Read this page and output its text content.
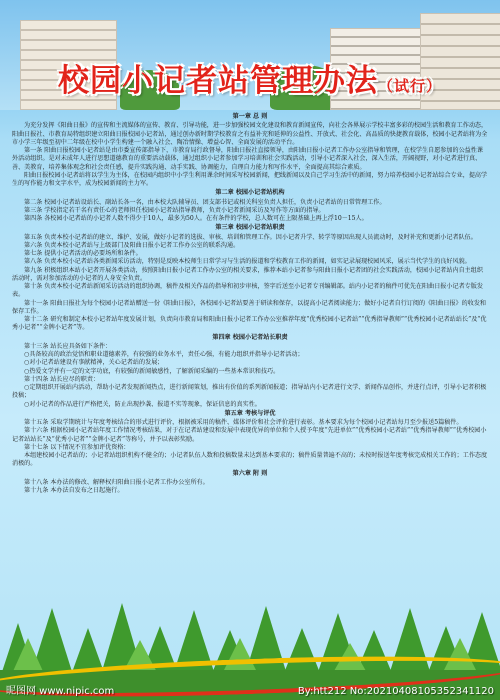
校园小记者站管理办法（试行）

第一章 总 则

为充分发挥《阳曲日报》的宣传和主流媒体的宣传、教育、引导功能，进一步加强校园文化建设和教育新闻宣传，向社会各界展示学校丰富多彩的校园生活和教育工作动态，阳曲日报社、市教育局特组织建立阳曲日报校园小记者站，通过创办新时期学校教育之有益补充和延伸的公益性、开放式、社会化、高品质的快捷教育载体，校园小记者站将为全市小学三年级至初中二年级在校中小学生构建一个融入社会、陶冶情操、增益心智、全面发展的活动平台。

第一条 阳曲日报校园小记者站是由市委宣传部指导下，市教育局行政督导，阳曲日报社直接领导，由阳曲日报小记者工作办公室指导和管理，在校学生自愿参加的公益性课外活动组织。是对未成年人进行思想道德教育的重要活动载体，通过组织小记者参加学习培训和社会实践活动，引导小记者深入社会，深入生活，开阔视野，对小记者进行真、善、美教育，培养集体观念和社会责任感，提升实践沟通、动手实践、协调能力，自理自力能力和写作水平，全面提高其综合素质。

阳曲日报校园小记者站将以学生为主体，在校园内组织中小学生利用课余时间采写校园新闻，把线新闻以及自己学习生活中的新闻，努力培养校园小记者站综合专业，提高学生的写作能力和文字水平，成为校园新闻的主力军。

第二章 校园小记者站机构

第二条 校园小记者站设站长、副站长各一名，由本校大队辅导员、团支部书记或相关科室负责人担任，负责小记者站的日常管理工作。

第三条 学校指定若干名有责任心的老师担任校园小记者站指导教师，负责小记者新闻采访及写作等方面的指导。

第四条 各校园小记者站的小记者人数不得少于10人，最多为50人。在有条件的学校，总人数可在上限基础上再上浮10－15人。

第三章 校园小记者站职责

第五条 负责本校小记者站的建立、维护、发展，做好小记者的选拔、审核、培训和管理工作。因小记者升学、转学等原因出现人员流动时，及时补充和更新小记者队伍。

第六条 负责本校小记者站与上级部门及阳曲日报小记者工作办公室的联系沟通。

第七条 提供小记者活动的必要场所和条件。

第八条 负责本校小记者站各类新闻采访活动，特别是反映本校师生日常学习与生活的报道和学校教育工作的新闻，如实记录展现校园风采，展示当代学生的良好风貌。

第九条 积极组织本站小记者开展各类活动，按照阳曲日报小记者工作办公室的相关要求，推荐本站小记者参与阳曲日报小记者团的社会实践活动，校园小记者站内自主组织活动时，需对参加活动的小记者的人身安全负责。

第十条 负责本校小记者站新闻采访活动的组织协调，稿件及相关作品的指导和初步审核，签字后送至小记者专刊编辑部。站内小记者的稿件可优先在阳曲日报小记者专版发表。

第十一条 阳曲日报社为每个校园小记者站赠送一份《阳曲日报》，各校园小记者站要善于研读和保存，以提高小记者阅读能力；做好小记者自行订阅的《阳曲日报》的收发和保存工作。

第十二条 研究和制定本校小记者站年度发展计划，负责向市教育局和阳曲日报小记者工作办公室推荐年度“优秀校园小记者站”“优秀指导教师”“优秀校园小记者站站长”及“优秀小记者”“金牌小记者”等。

第四章 校园小记者站长职责

第十三条 站长应具备如下条件：

○具备较高的政治觉悟和职业道德素养，有较强的业务水平，责任心强，有能力组织并指导小记者活动；

○对小记者站建设有事献精神，关心记者站的发展；

○热爱文学并有一定的文字功底，有较强的新闻敏感性，了解新闻采编的一些基本常识和技巧。

第十四条 站长应尽的职责：

○定期组织开展站内活动，帮助小记者发现新闻热点，进行新闻策划，推出有价值的系列新闻报道；指导站内小记者进行文学、新闻作品创作，并进行点评，引导小记者积极投稿；

○对小记者的作品进行严格把关，防止出现抄袭、报道不实等现象，保证信息的真实性。

第五章 考核与评优

第十五条 采取学期统计与年度考核结合的形式进行评价，根据被采用的稿件、媒体评价和社会评价进行表彰。基本要求为每个校园小记者站每月至少报送5篇稿件。

第十六条 根据校园小记者站年度工作情况考核结果，对于在记者站建设和发展中表现优异的单位和个人授予年度“先进单位”“优秀校园小记者站”“优秀指导教师”“优秀校园小记者站站长”及“优秀小记者”“金牌小记者”等称号，并予以表彰奖励。

第十七条 以下情况不宜参加评优资格：

本组建校园小记者站的；小记者站组织机构不健全的；小记者队伍人数和投稿数量未达到基本要求的；稿件质量普遍不高的；未按时报送年度考核完成相关工作的；工作态度消极的。

第六章 附 则

第十八条 本办法的修改、解释权归阳曲日报小记者工作办公室所有。

第十九条 本办法自发布之日起施行。

昵图网 www.nipic.com	By:htt212 No:20210408105352341120
